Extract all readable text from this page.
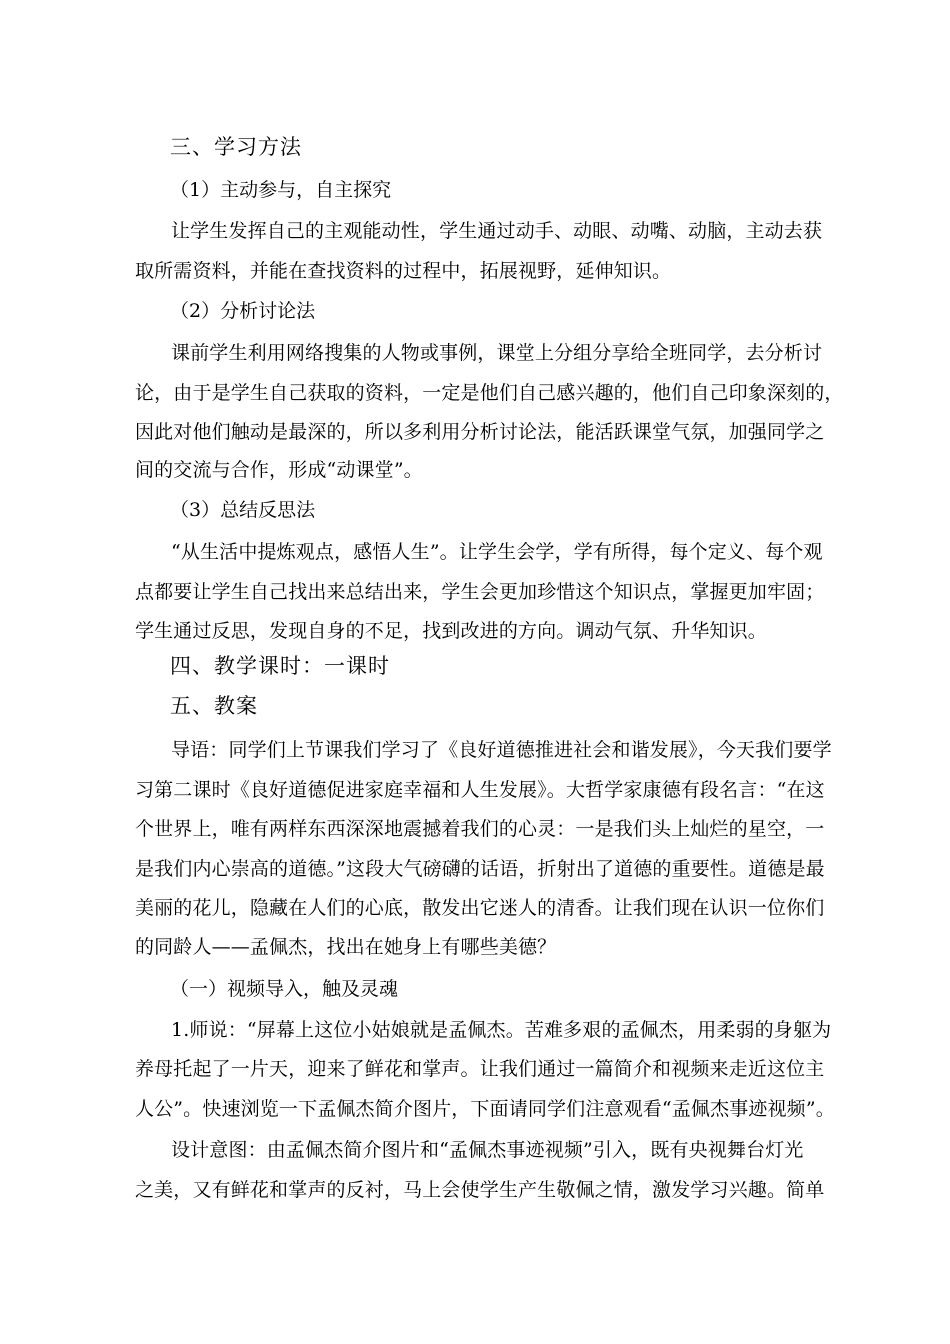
三、学习方法
（1）主动参与，自主探究
让学生发挥自己的主观能动性，学生通过动手、动眼、动嘴、动脑，主动去获
取所需资料，并能在查找资料的过程中，拓展视野，延伸知识。
（2）分析讨论法
课前学生利用网络搜集的人物或事例，课堂上分组分享给全班同学，去分析讨
论，由于是学生自己获取的资料，一定是他们自己感兴趣的，他们自己印象深刻的，
因此对他们触动是最深的，所以多利用分析讨论法，能活跃课堂气氛，加强同学之
间的交流与合作，形成“动课堂”。
（3）总结反思法
“从生活中提炼观点，感悟人生”。让学生会学，学有所得，每个定义、每个观
点都要让学生自己找出来总结出来，学生会更加珍惜这个知识点，掌握更加牢固；
学生通过反思，发现自身的不足，找到改进的方向。调动气氛、升华知识。
四、教学课时：一课时
五、教案
导语：同学们上节课我们学习了《良好道德推进社会和谐发展》，今天我们要学
习第二课时《良好道德促进家庭幸福和人生发展》。大哲学家康德有段名言：“在这
个世界上，唯有两样东西深深地震撼着我们的心灵：一是我们头上灿烂的星空，一
是我们内心崇高的道德。”这段大气磅礴的话语，折射出了道德的重要性。道德是最
美丽的花儿，隐藏在人们的心底，散发出它迷人的清香。让我们现在认识一位你们
的同龄人——孟佩杰，找出在她身上有哪些美德？
（一）视频导入，触及灵魂
1.师说：“屏幕上这位小姑娘就是孟佩杰。苦难多艰的孟佩杰，用柔弱的身躯为
养母托起了一片天，迎来了鲜花和掌声。让我们通过一篇简介和视频来走近这位主
人公”。快速浏览一下孟佩杰简介图片，下面请同学们注意观看“孟佩杰事迹视频”。
设计意图：由孟佩杰简介图片和“孟佩杰事迹视频”引入，既有央视舞台灯光
之美，又有鲜花和掌声的反衬，马上会使学生产生敬佩之情，激发学习兴趣。简单
